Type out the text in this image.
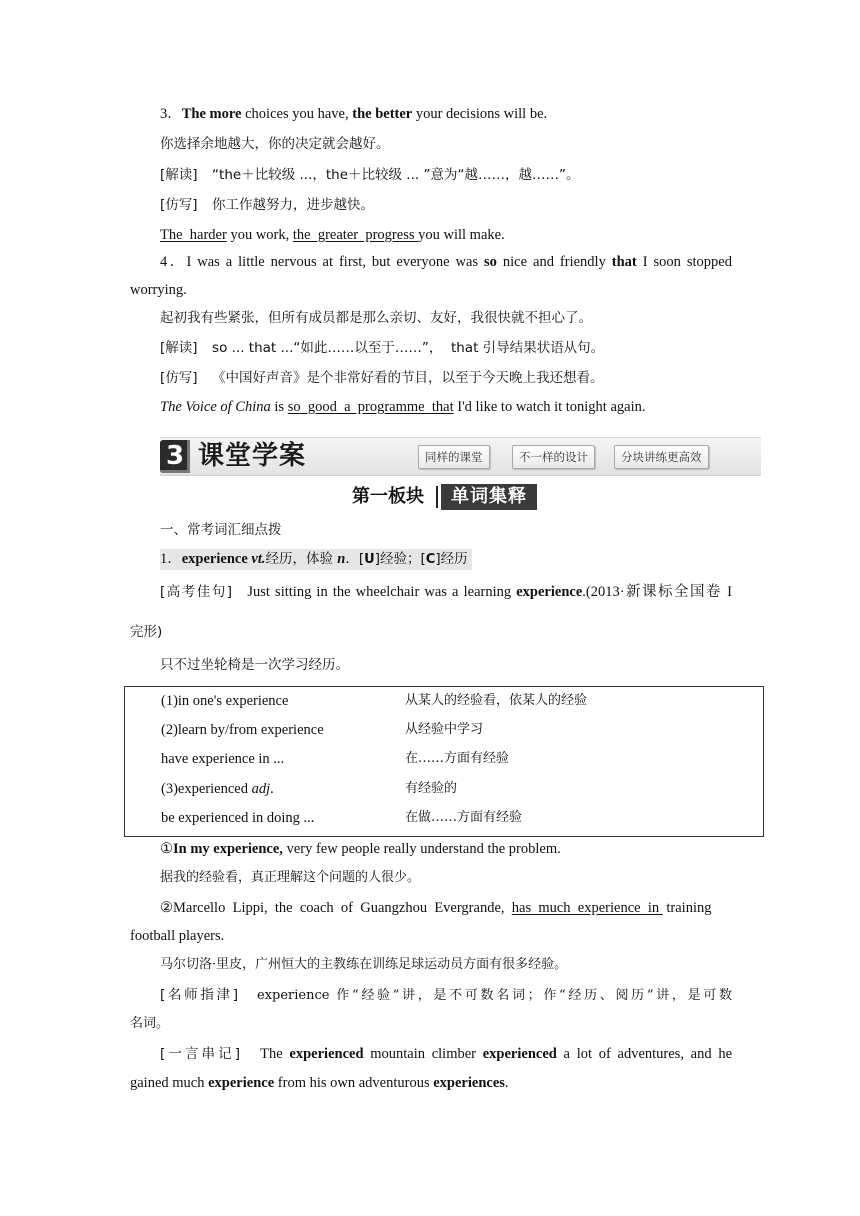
3．The more choices you have, the better your decisions will be.
你选择余地越大，你的决定就会越好。
[解读] “the＋比较级 ...，the＋比较级 ... ”意为“越……，越……”。
[仿写] 你工作越努力，进步越快。
The  harder you work, the  greater  progress you will make.
4．I was a little nervous at first, but everyone was so nice and friendly that I soon stopped
worrying.
起初我有些紧张，但所有成员都是那么亲切、友好，我很快就不担心了。
[解读] so ... that ...“如此……以至于……”，  that 引导结果状语从句。
[仿写] 《中国好声音》是个非常好看的节目，以至于今天晚上我还想看。
The Voice of China is so  good  a  programme  that I'd like to watch it tonight again.
3 课堂学案	同样的课堂	不一样的设计	分块讲练更高效
第一板块	单词集释
一、常考词汇细点拨
1．experience vt.经历，体验 n．[U]经验；[C]经历
[高考佳句] Just sitting in the wheelchair was a learning experience.(2013·新课标全国卷 I
完形)
只不过坐轮椅是一次学习经历。
(1)in one's experience	从某人的经验看，依某人的经验
(2)learn by/from experience	从经验中学习
have experience in ...	在……方面有经验
(3)experienced adj.	有经验的
be experienced in doing ...	在做……方面有经验
①In my experience, very few people really understand the problem.
据我的经验看，真正理解这个问题的人很少。
②Marcello  Lippi,  the  coach  of  Guangzhou  Evergrande,  has  much  experience  in  training
football players.
马尔切洛·里皮，广州恒大的主教练在训练足球运动员方面有很多经验。
[名师指津] experience 作“经验”讲，是不可数名词；作“经历、阅历”讲，是可数
名词。
[一言串记] The experienced mountain climber experienced a lot of adventures, and he
gained much experience from his own adventurous experiences.
